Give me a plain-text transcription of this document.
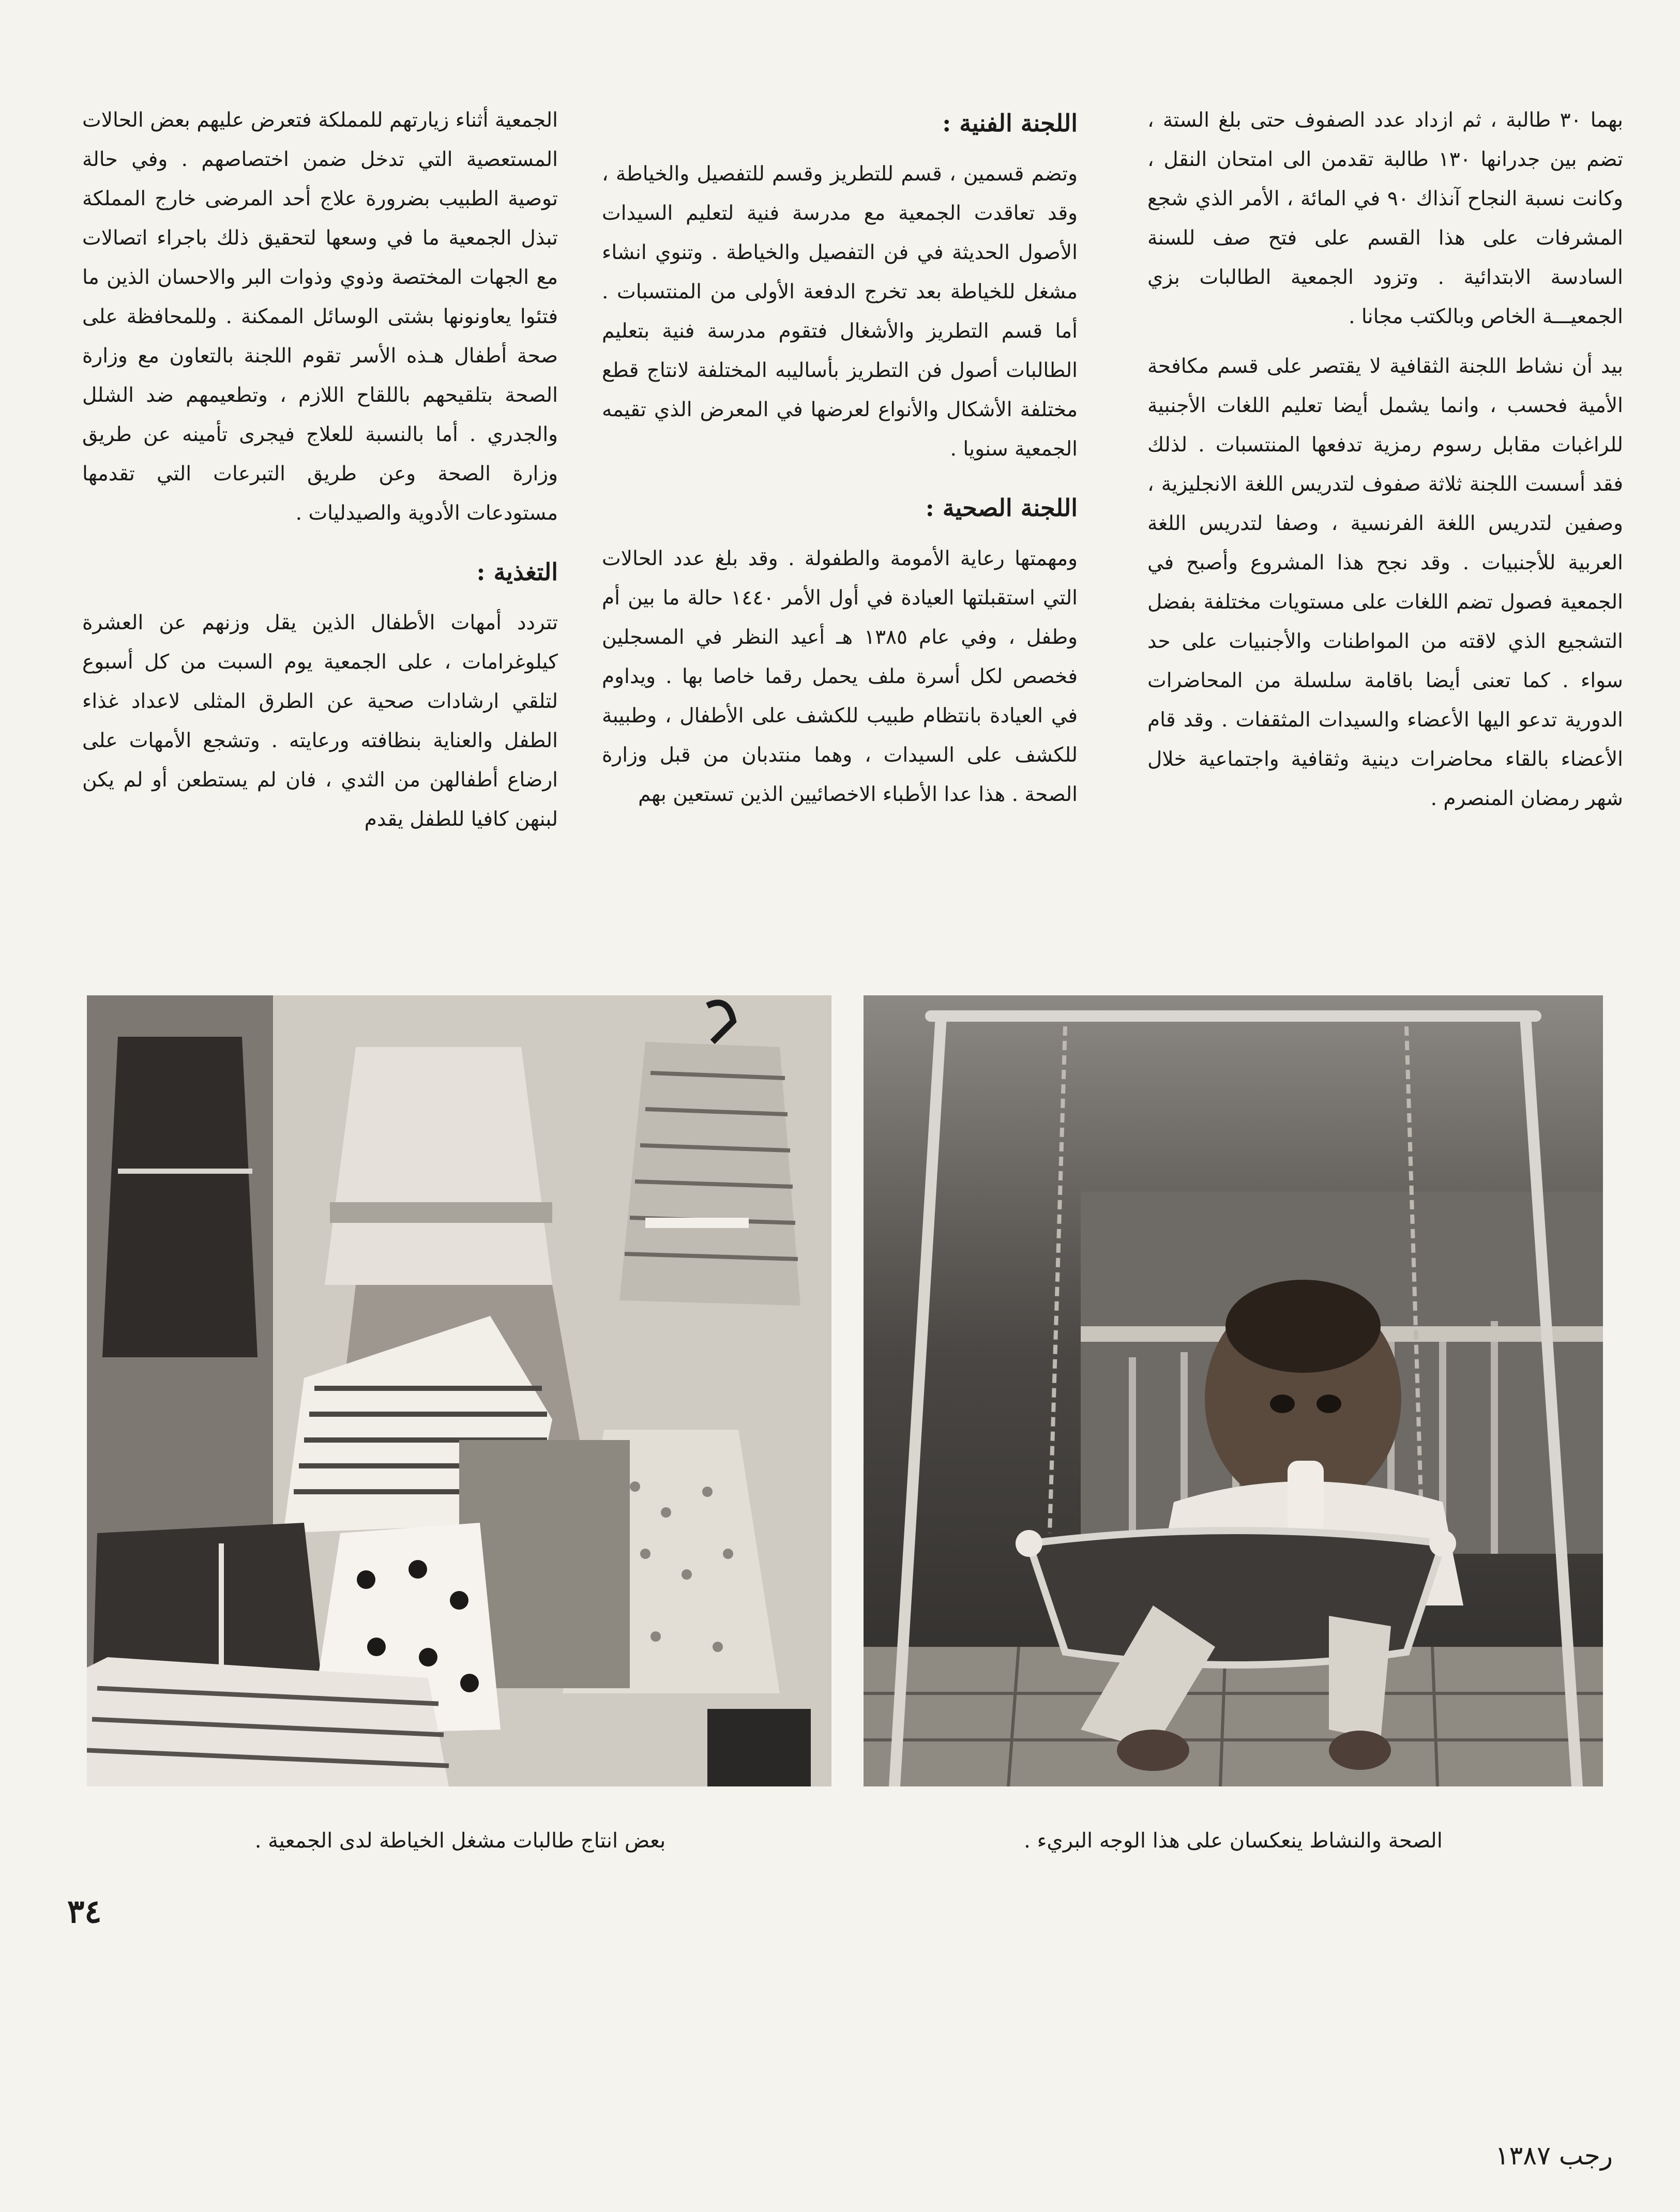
بهما ٣٠ طالبة ، ثم ازداد عدد الصفوف حتى بلغ الستة ، تضم بين جدرانها ١٣٠ طالبة تقدمن الى امتحان النقل ، وكانت نسبة النجاح آنذاك ٩٠ في المائة ، الأمر الذي شجع المشرفات على هذا القسم على فتح صف للسنة السادسة الابتدائية . وتزود الجمعية الطالبات بزي الجمعيـــة الخاص وبالكتب مجانا .

بيد أن نشاط اللجنة الثقافية لا يقتصر على قسم مكافحة الأمية فحسب ، وانما يشمل أيضا تعليم اللغات الأجنبية للراغبات مقابل رسوم رمزية تدفعها المنتسبات . لذلك فقد أسست اللجنة ثلاثة صفوف لتدريس اللغة الانجليزية ، وصفين لتدريس اللغة الفرنسية ، وصفا لتدريس اللغة العربية للأجنبيات . وقد نجح هذا المشروع وأصبح في الجمعية فصول تضم اللغات على مستويات مختلفة بفضل التشجيع الذي لاقته من المواطنات والأجنبيات على حد سواء . كما تعنى أيضا باقامة سلسلة من المحاضرات الدورية تدعو اليها الأعضاء والسيدات المثقفات . وقد قام الأعضاء بالقاء محاضرات دينية وثقافية واجتماعية خلال شهر رمضان المنصرم .

اللجنة الفنية :

وتضم قسمين ، قسم للتطريز وقسم للتفصيل والخياطة ، وقد تعاقدت الجمعية مع مدرسة فنية لتعليم السيدات الأصول الحديثة في فن التفصيل والخياطة . وتنوي انشاء مشغل للخياطة بعد تخرج الدفعة الأولى من المنتسبات . أما قسم التطريز والأشغال فتقوم مدرسة فنية بتعليم الطالبات أصول فن التطريز بأساليبه المختلفة لانتاج قطع مختلفة الأشكال والأنواع لعرضها في المعرض الذي تقيمه الجمعية سنويا .

اللجنة الصحية :

ومهمتها رعاية الأمومة والطفولة . وقد بلغ عدد الحالات التي استقبلتها العيادة في أول الأمر ١٤٤٠ حالة ما بين أم وطفل ، وفي عام ١٣٨٥ هـ أعيد النظر في المسجلين فخصص لكل أسرة ملف يحمل رقما خاصا بها . ويداوم في العيادة بانتظام طبيب للكشف على الأطفال ، وطبيبة للكشف على السيدات ، وهما منتدبان من قبل وزارة الصحة . هذا عدا الأطباء الاخصائيين الذين تستعين بهم

الجمعية أثناء زيارتهم للمملكة فتعرض عليهم بعض الحالات المستعصية التي تدخل ضمن اختصاصهم . وفي حالة توصية الطبيب بضرورة علاج أحد المرضى خارج المملكة تبذل الجمعية ما في وسعها لتحقيق ذلك باجراء اتصالات مع الجهات المختصة وذوي وذوات البر والاحسان الذين ما فتئوا يعاونونها بشتى الوسائل الممكنة . وللمحافظة على صحة أطفال هـذه الأسر تقوم اللجنة بالتعاون مع وزارة الصحة بتلقيحهم باللقاح اللازم ، وتطعيمهم ضد الشلل والجدري . أما بالنسبة للعلاج فيجرى تأمينه عن طريق وزارة الصحة وعن طريق التبرعات التي تقدمها مستودعات الأدوية والصيدليات .

التغذية :

تتردد أمهات الأطفال الذين يقل وزنهم عن العشرة كيلوغرامات ، على الجمعية يوم السبت من كل أسبوع لتلقي ارشادات صحية عن الطرق المثلى لاعداد غذاء الطفل والعناية بنظافته ورعايته . وتشجع الأمهات على ارضاع أطفالهن من الثدي ، فان لم يستطعن أو لم يكن لبنهن كافيا للطفل يقدم

الصحة والنشاط ينعكسان على هذا الوجه البريء .
بعض انتاج طالبات مشغل الخياطة لدى الجمعية .
٣٤
رجب ١٣٨٧
